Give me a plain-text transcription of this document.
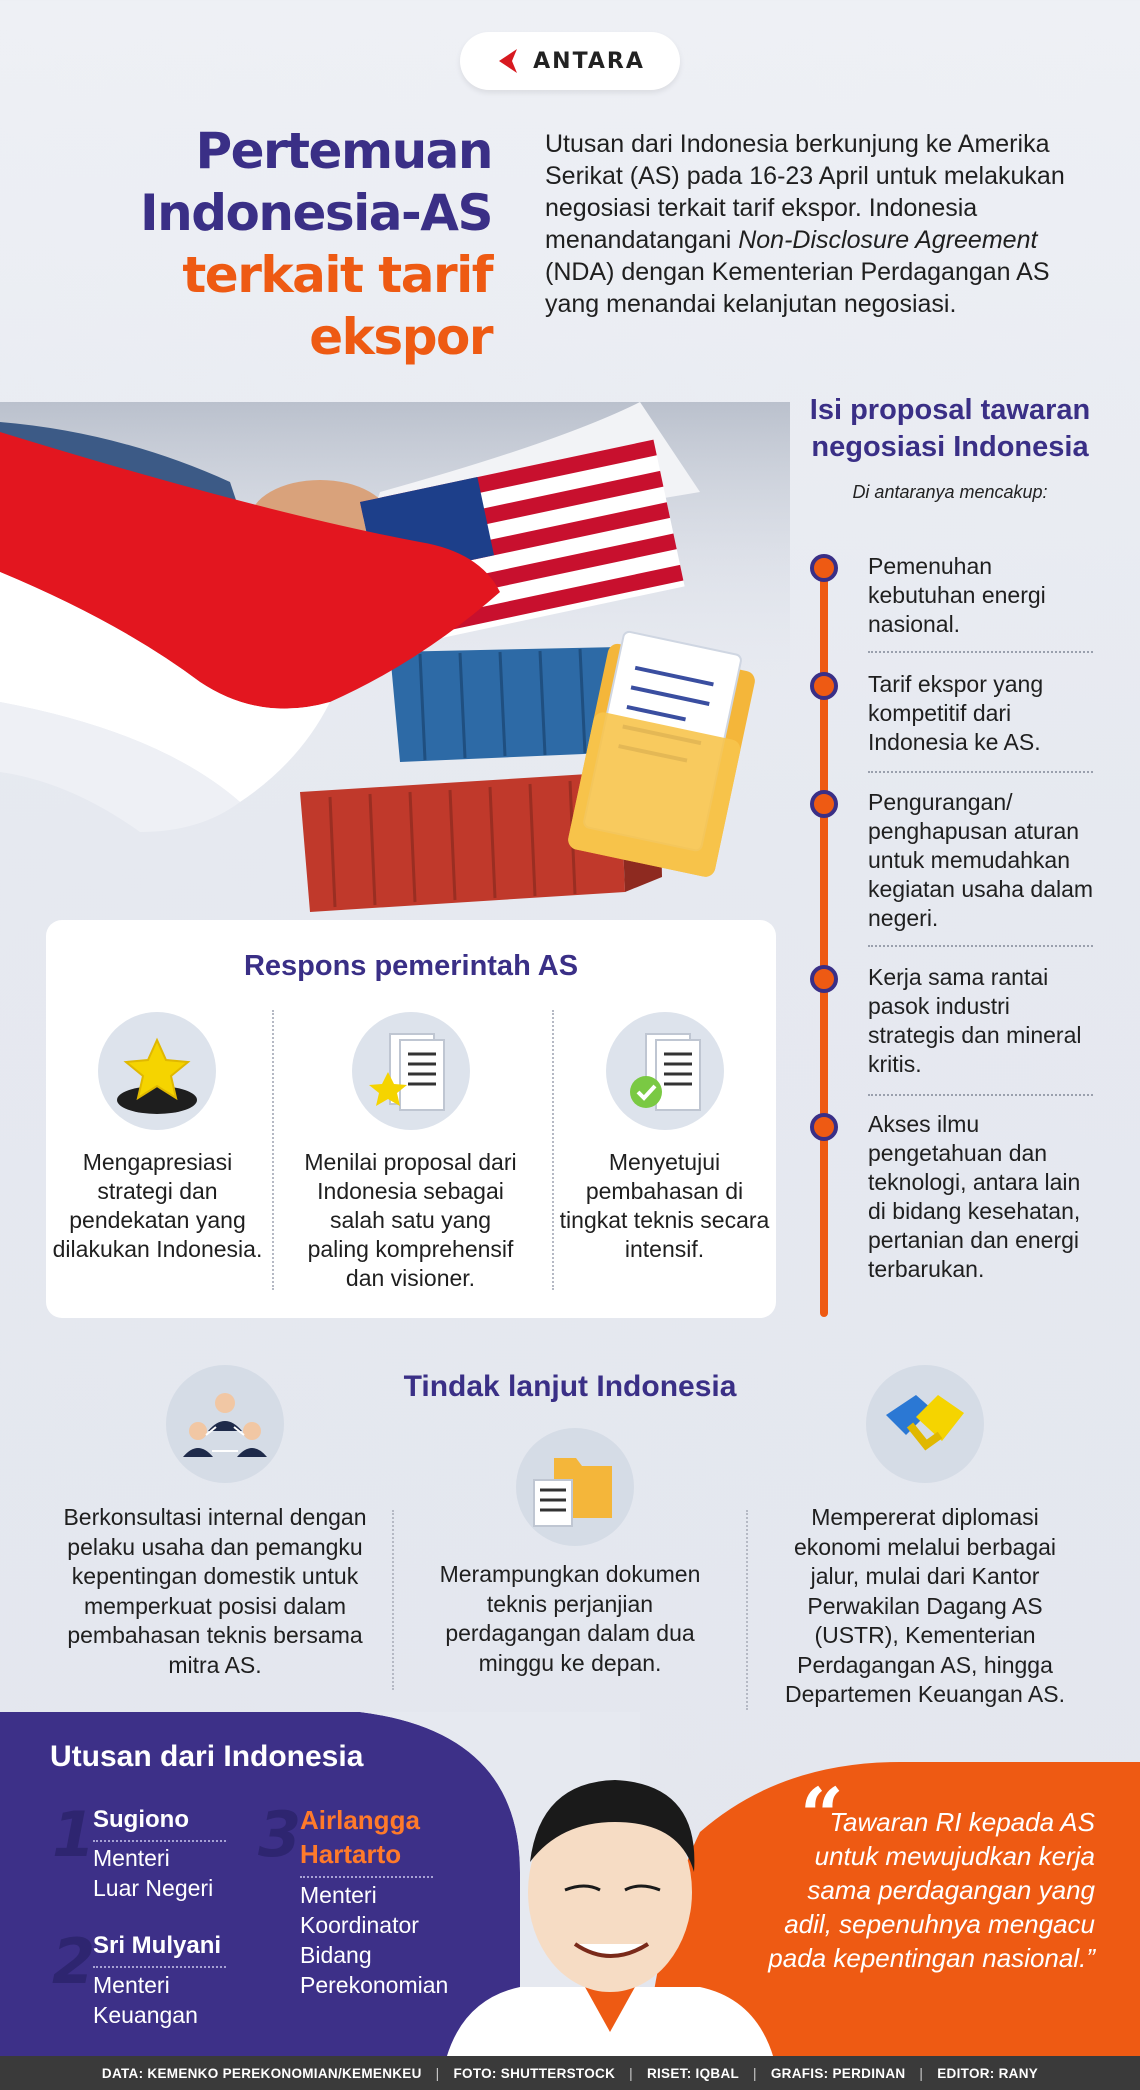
ANTARA
Pertemuan
Indonesia-AS
terkait tarif
ekspor
Utusan dari Indonesia berkunjung ke Amerika Serikat (AS) pada 16-23 April untuk melakukan negosiasi terkait tarif ekspor. Indonesia menandatangani Non-Disclosure Agreement (NDA) dengan Kementerian Perdagangan AS yang menandai kelanjutan negosiasi.
Respons pemerintah AS
Mengapresiasi strategi dan pendekatan yang dilakukan Indonesia.
Menilai proposal dari Indonesia sebagai salah satu yang paling komprehensif dan visioner.
Menyetujui pembahasan di tingkat teknis secara intensif.
Isi proposal tawaran negosiasi Indonesia
Di antaranya mencakup:
Pemenuhan kebutuhan energi nasional.
Tarif ekspor yang kompetitif dari Indonesia ke AS.
Pengurangan/ penghapusan aturan untuk memudahkan kegiatan usaha dalam negeri.
Kerja sama rantai pasok industri strategis dan mineral kritis.
Akses ilmu pengetahuan dan teknologi, antara lain di bidang kesehatan, pertanian dan energi terbarukan.
Tindak lanjut Indonesia
Berkonsultasi internal dengan pelaku usaha dan pemangku kepentingan domestik untuk memperkuat posisi dalam pembahasan teknis bersama mitra AS.
Merampungkan dokumen teknis perjanjian perdagangan dalam dua minggu ke depan.
Mempererat diplomasi ekonomi melalui berbagai jalur, mulai dari Kantor Perwakilan Dagang AS (USTR), Kementerian Perdagangan AS, hingga Departemen Keuangan AS.
Utusan dari Indonesia
1
Sugiono
Menteri
Luar Negeri
2
Sri Mulyani
Menteri
Keuangan
3
Airlangga
Hartarto
Menteri
Koordinator
Bidang
Perekonomian
“
Tawaran RI kepada AS untuk mewujudkan kerja sama perdagangan yang adil, sepenuhnya mengacu pada kepentingan nasional.”
DATA: KEMENKO PEREKONOMIAN/KEMENKEU | FOTO: SHUTTERSTOCK | RISET: IQBAL | GRAFIS: PERDINAN | EDITOR: RANY
